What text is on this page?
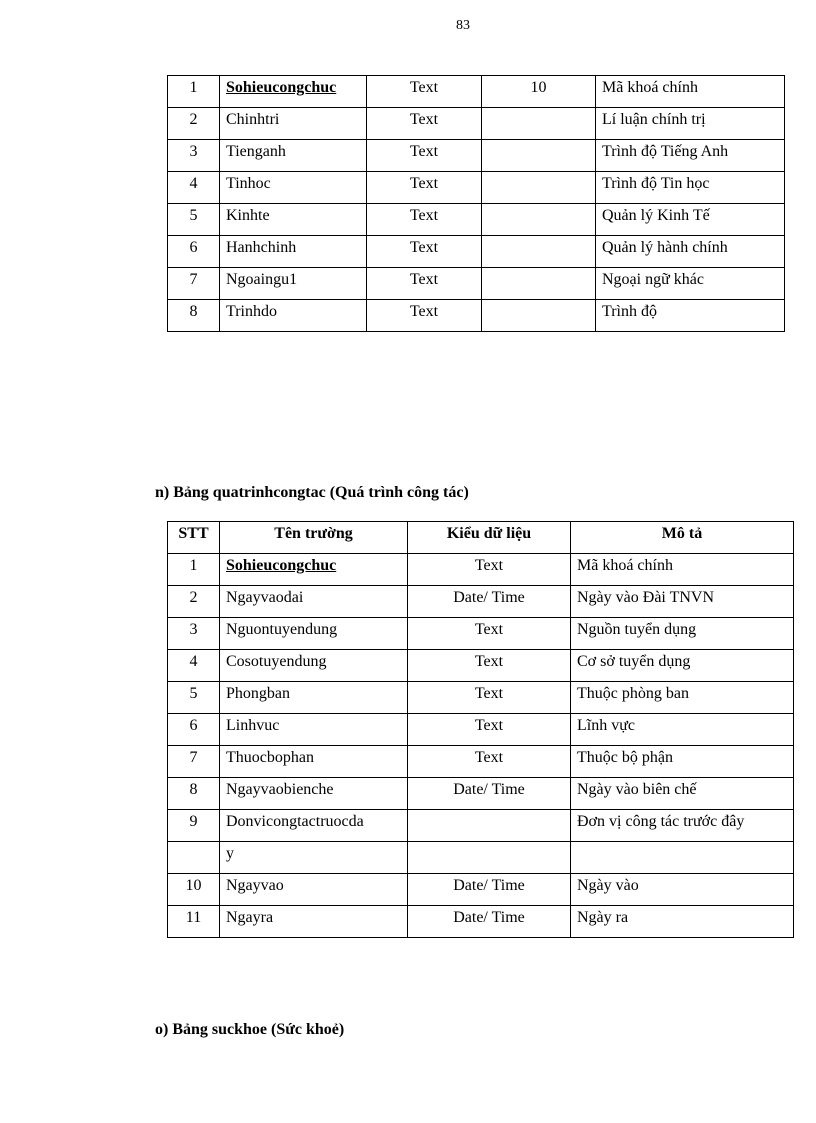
83
1	Sohieucongchuc	Text	10	Mã khoá chính
2	Chinhtri	Text		Lí luận chính trị
3	Tienganh	Text		Trình độ Tiếng Anh
4	Tinhoc	Text		Trình độ Tin học
5	Kinhte	Text		Quản lý Kinh Tế
6	Hanhchinh	Text		Quản lý hành chính
7	Ngoaingu1	Text		Ngoại ngữ khác
8	Trinhdo	Text		Trình độ
n) Bảng quatrinhcongtac (Quá trình công tác)
STT	Tên trường	Kiểu dữ liệu	Mô tả
1	Sohieucongchuc	Text	Mã khoá chính
2	Ngayvaodai	Date/ Time	Ngày vào Đài TNVN
3	Nguontuyendung	Text	Nguồn tuyển dụng
4	Cosotuyendung	Text	Cơ sở tuyển dụng
5	Phongban	Text	Thuộc phòng ban
6	Linhvuc	Text	Lĩnh vực
7	Thuocbophan	Text	Thuộc bộ phận
8	Ngayvaobienche	Date/ Time	Ngày vào biên chế
9	Donvicongtactruocda		Đơn vị công tác trước đây
	y		
10	Ngayvao	Date/ Time	Ngày vào
11	Ngayra	Date/ Time	Ngày ra
o) Bảng suckhoe (Sức khoẻ)
